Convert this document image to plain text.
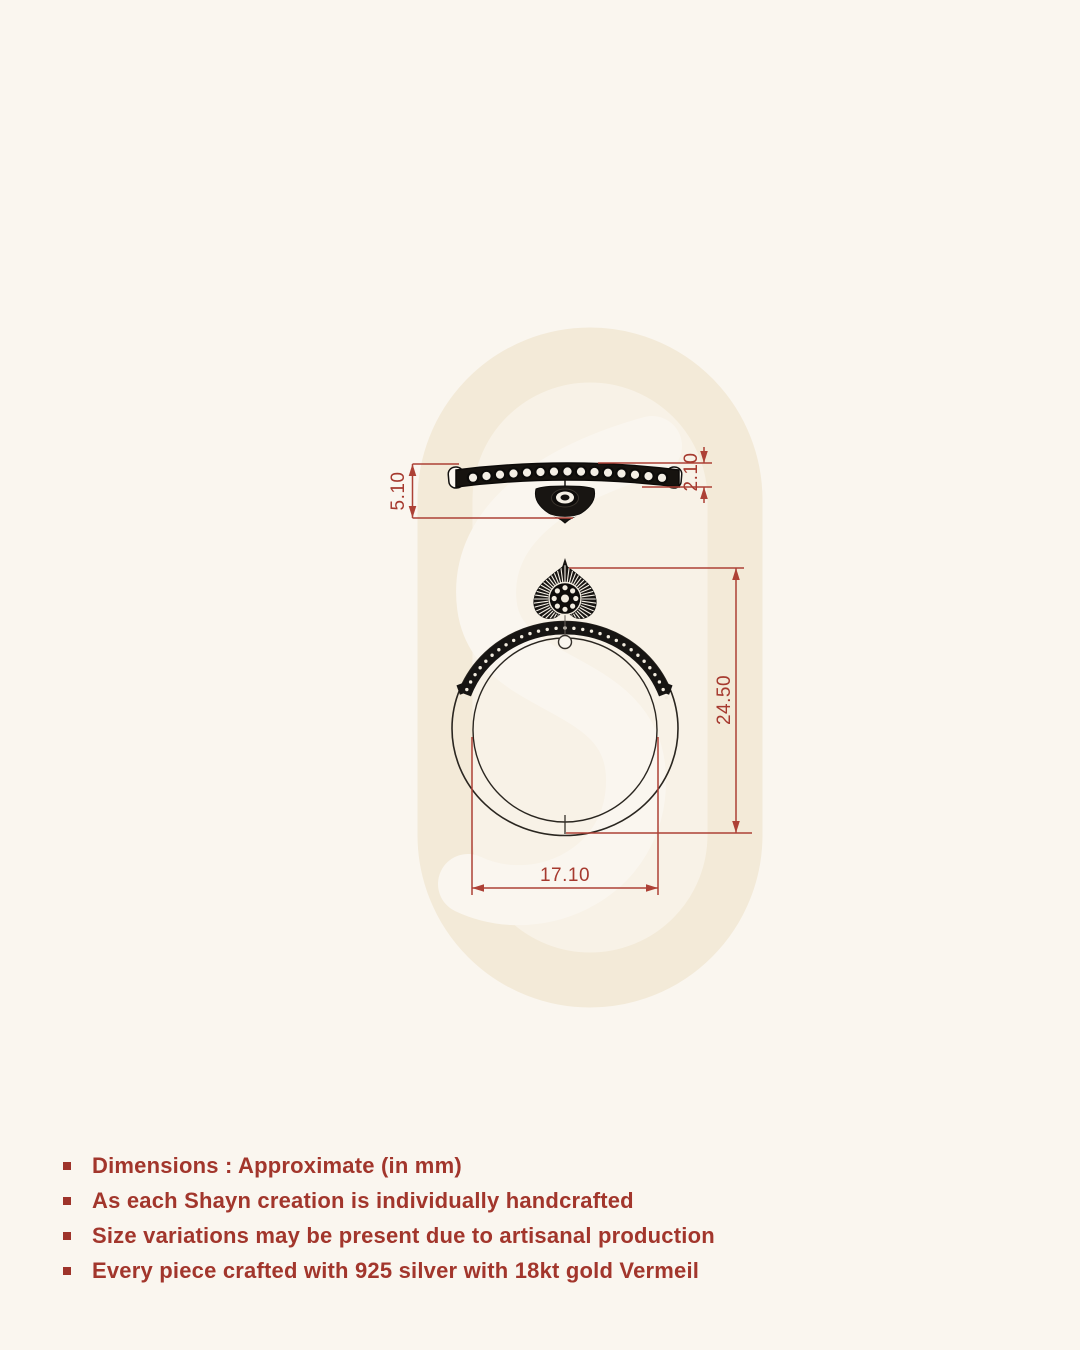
5.10	2.10
24.50
17.10
Dimensions : Approximate (in mm)
As each Shayn creation is individually handcrafted
Size variations may be present due to artisanal production
Every piece crafted with 925 silver with 18kt gold Vermeil
